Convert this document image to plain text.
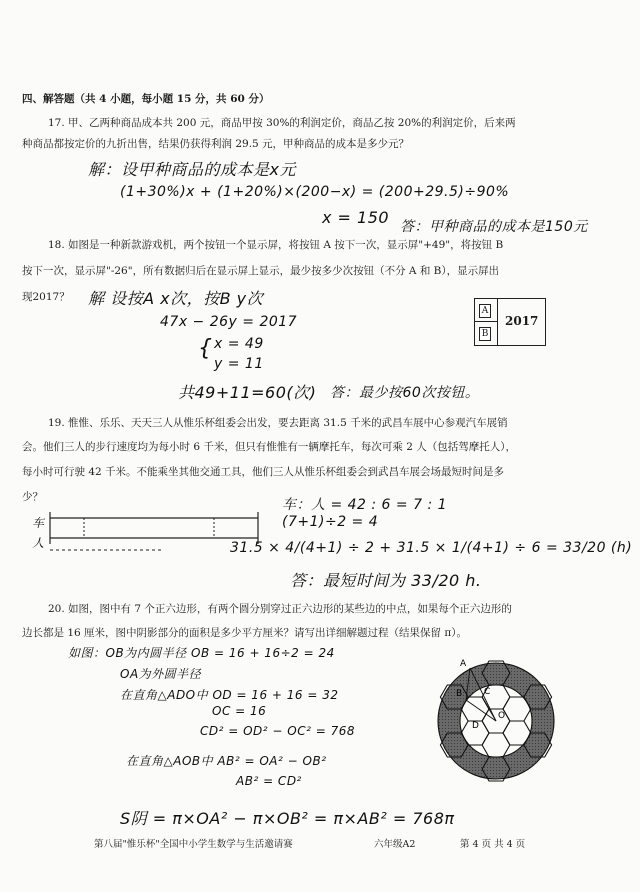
四、解答题（共 4 小题，每小题 15 分，共 60 分）
17. 甲、乙两种商品成本共 200 元，商品甲按 30%的利润定价，商品乙按 20%的利润定价，后来两
种商品都按定价的九折出售，结果仍获得利润 29.5 元，甲种商品的成本是多少元？
解：设甲种商品的成本是x元
(1+30%)x + (1+20%)×(200−x) = (200+29.5)÷90%
x = 150 答：甲种商品的成本是150元
18. 如图是一种新款游戏机，两个按钮一个显示屏，将按钮 A 按下一次，显示屏"+49"，将按钮 B
按下一次，显示屏"-26"，所有数据归后在显示屏上显示，最少按多少次按钮（不分 A 和 B），显示屏出
现2017？
A
B
2017
解 设按A x次，按B y次
47x − 26y = 2017
{ x = 49
y = 11
共49+11=60(次) 答：最少按60次按钮。
19. 惟惟、乐乐、天天三人从惟乐杯组委会出发，要去距离 31.5 千米的武昌车展中心参观汽车展销
会。他们三人的步行速度均为每小时 6 千米，但只有惟惟有一辆摩托车，每次可乘 2 人（包括驾摩托人），
每小时可行驶 42 千米。不能乘坐其他交通工具，他们三人从惟乐杯组委会到武昌车展会场最短时间是多
少？
车
人
车：人 = 42 : 6 = 7 : 1
(7+1)÷2 = 4
31.5 × 4/(4+1) ÷ 2 + 31.5 × 1/(4+1) ÷ 6 = 33/20 (h)
答：最短时间为 33/20 h.
20. 如图，图中有 7 个正六边形，有两个圆分别穿过正六边形的某些边的中点，如果每个正六边形的
边长都是 16 厘米，图中阴影部分的面积是多少平方厘米？请写出详细解题过程（结果保留 π）。
如图：OB为内圆半径 OB = 16 + 16÷2 = 24
OA为外圆半径
在直角△ADO中 OD = 16 + 16 = 32
OC = 16
CD² = OD² − OC² = 768
在直角△AOB中 AB² = OA² − OB²
AB² = CD²
S阴 = π×OA² − π×OB² = π×AB² = 768π
A
B C
D
O
第八届"惟乐杯"全国中小学生数学与生活邀请赛	六年级A2	第 4 页 共 4 页
